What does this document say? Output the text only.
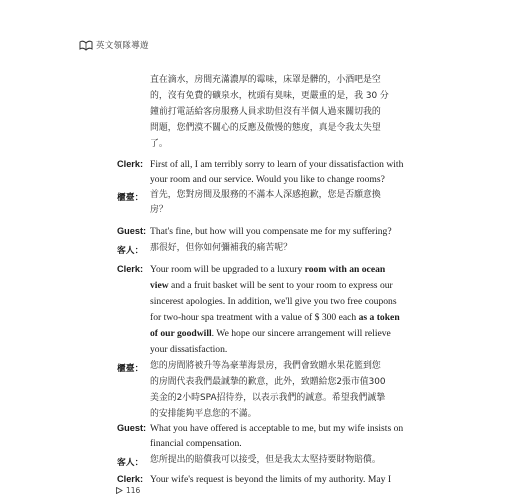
英文領隊導遊
直在滴水，房間充滿濃厚的霉味，床罩是髒的，小酒吧是空
的，沒有免費的礦泉水，枕頭有臭味，更嚴重的是，我 30 分
鐘前打電話給客房服務人員求助但沒有半個人過來關切我的
問題，您們漠不關心的反應及傲慢的態度，真是令我太失望
了。
Clerk: First of all, I am terribly sorry to learn of your dissatisfaction with
your room and our service. Would you like to change rooms?
櫃臺： 首先，您對房間及服務的不滿本人深感抱歉，您是否願意換
房？
Guest: That's fine, but how will you compensate me for my suffering?
客人： 那很好，但你如何彌補我的痛苦呢？
Clerk: Your room will be upgraded to a luxury room with an ocean
view and a fruit basket will be sent to your room to express our
sincerest apologies. In addition, we'll give you two free coupons
for two-hour spa treatment with a value of $ 300 each as a token
of our goodwill. We hope our sincere arrangement will relieve
your dissatisfaction.
櫃臺： 您的房間將被升等為豪華海景房，我們會致贈水果花籃到您
的房間代表我們最誠摯的歉意，此外，致贈給您2張市值300
美金的2小時SPA招待券，以表示我們的誠意。希望我們誠摯
的安排能夠平息您的不滿。
Guest: What you have offered is acceptable to me, but my wife insists on
financial compensation.
客人： 您所提出的賠償我可以接受，但是我太太堅持要財物賠償。
Clerk: Your wife's request is beyond the limits of my authority. May I
116
